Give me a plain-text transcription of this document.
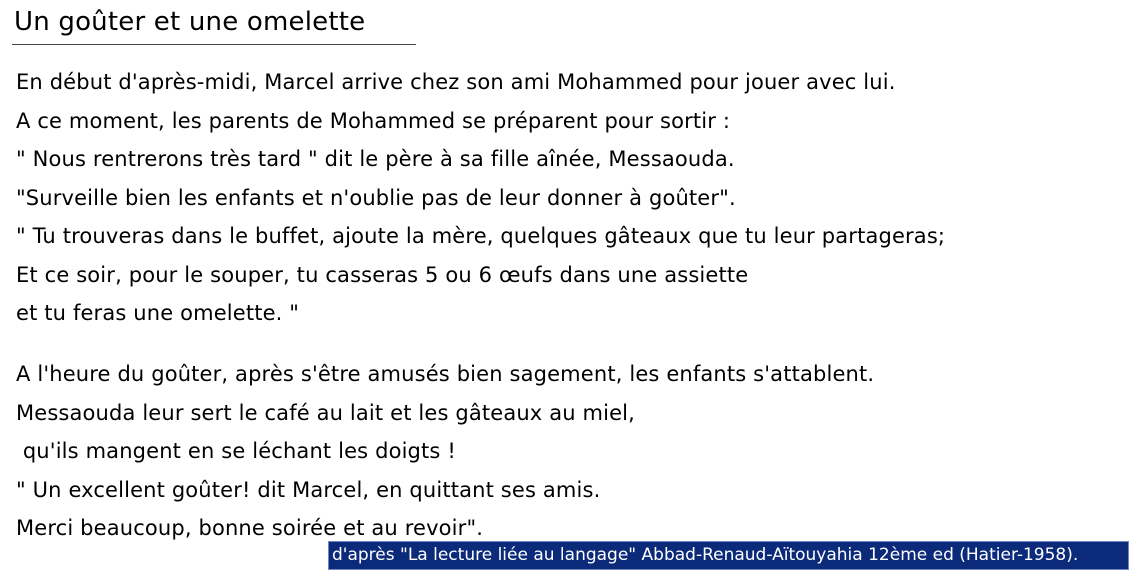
Un goûter et une omelette
En début d'après-midi, Marcel arrive chez son ami Mohammed pour jouer avec lui.
A ce moment, les parents de Mohammed se préparent pour sortir :
" Nous rentrerons très tard " dit le père à sa fille aînée, Messaouda.
"Surveille bien les enfants et n'oublie pas de leur donner à goûter".
" Tu trouveras dans le buffet, ajoute la mère, quelques gâteaux que tu leur partageras;
Et ce soir, pour le souper, tu casseras 5 ou 6 œufs dans une assiette
et tu feras une omelette. "
A l'heure du goûter, après s'être amusés bien sagement, les enfants s'attablent.
Messaouda leur sert le café au lait et les gâteaux au miel,
qu'ils mangent en se léchant les doigts !
" Un excellent goûter! dit Marcel, en quittant ses amis.
Merci beaucoup, bonne soirée et au revoir".
d'après "La lecture liée au langage" Abbad-Renaud-Aïtouyahia 12ème ed (Hatier-1958).
